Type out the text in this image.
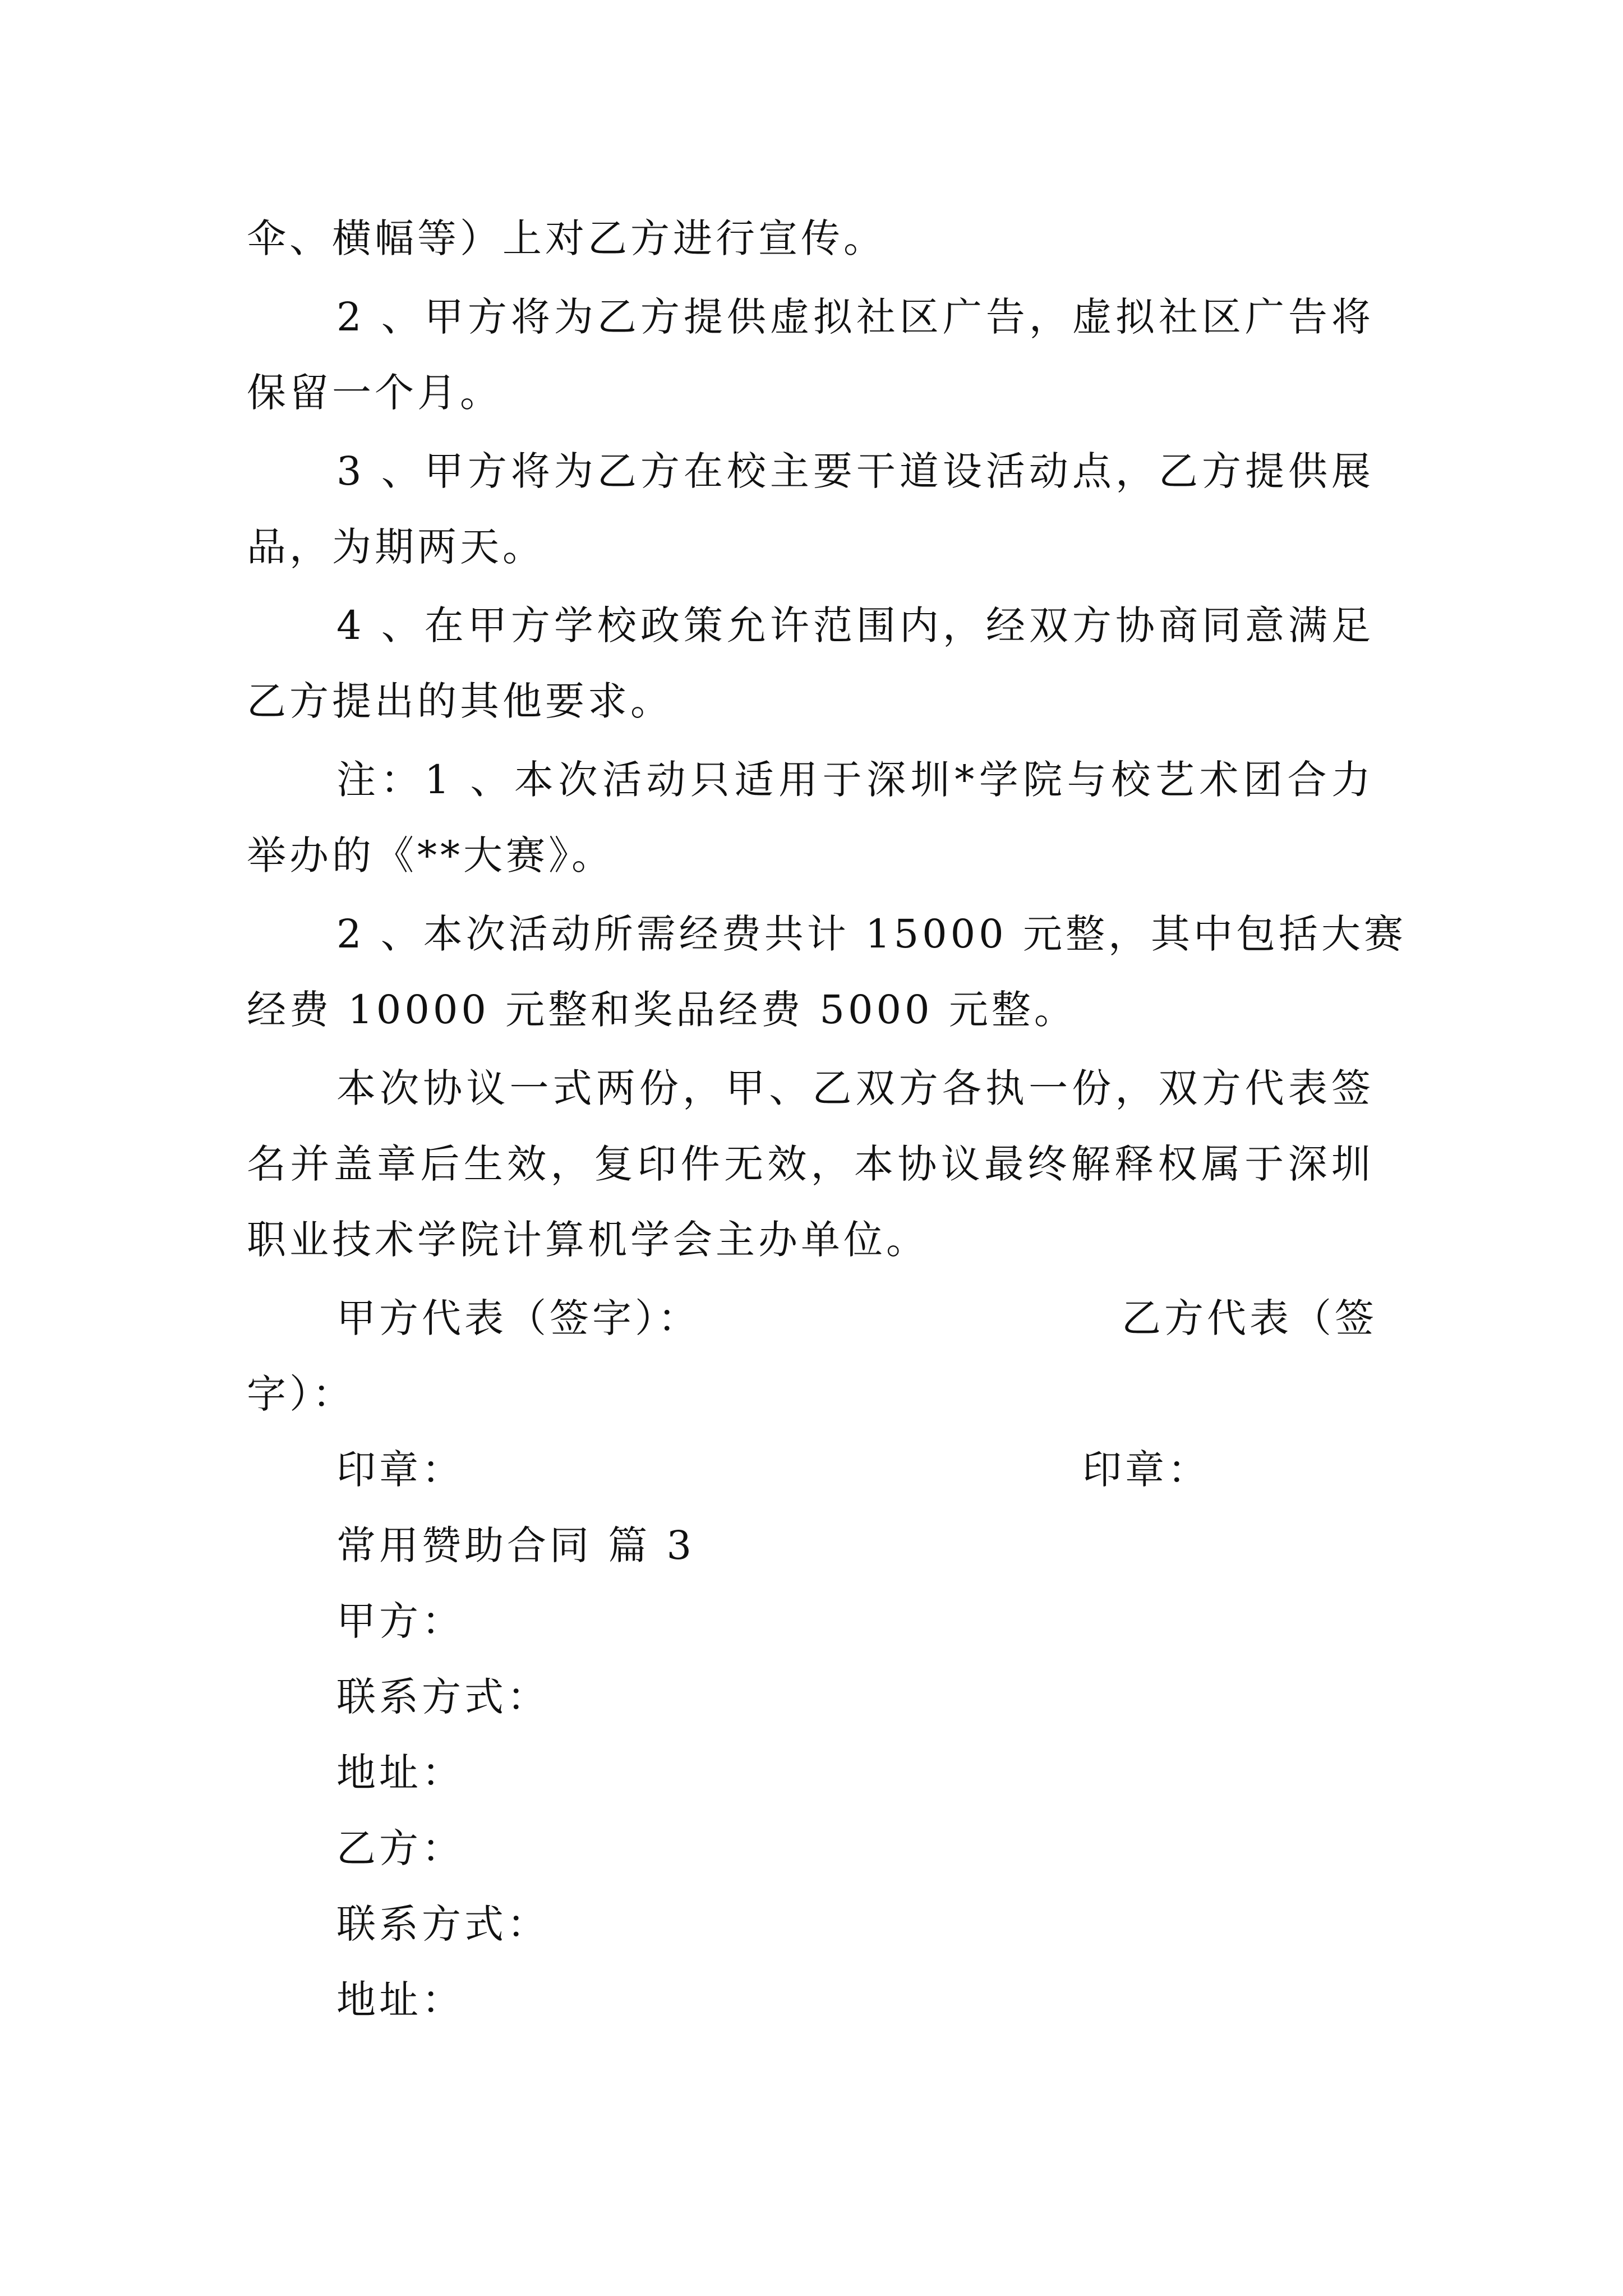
伞、横幅等）上对乙方进行宣传。
2 、甲方将为乙方提供虚拟社区广告，虚拟社区广告将
保留一个月。
3 、甲方将为乙方在校主要干道设活动点，乙方提供展
品，为期两天。
4 、在甲方学校政策允许范围内，经双方协商同意满足
乙方提出的其他要求。
注：1 、本次活动只适用于深圳*学院与校艺术团合力
举办的《**大赛》。
2 、本次活动所需经费共计 15000 元整，其中包括大赛
经费 10000 元整和奖品经费 5000 元整。
本次协议一式两份，甲、乙双方各执一份，双方代表签
名并盖章后生效，复印件无效，本协议最终解释权属于深圳
职业技术学院计算机学会主办单位。
甲方代表（签字）：	乙方代表（签
字）：
印章：	印章：
常用赞助合同 篇 3
甲方：
联系方式：
地址：
乙方：
联系方式：
地址：
